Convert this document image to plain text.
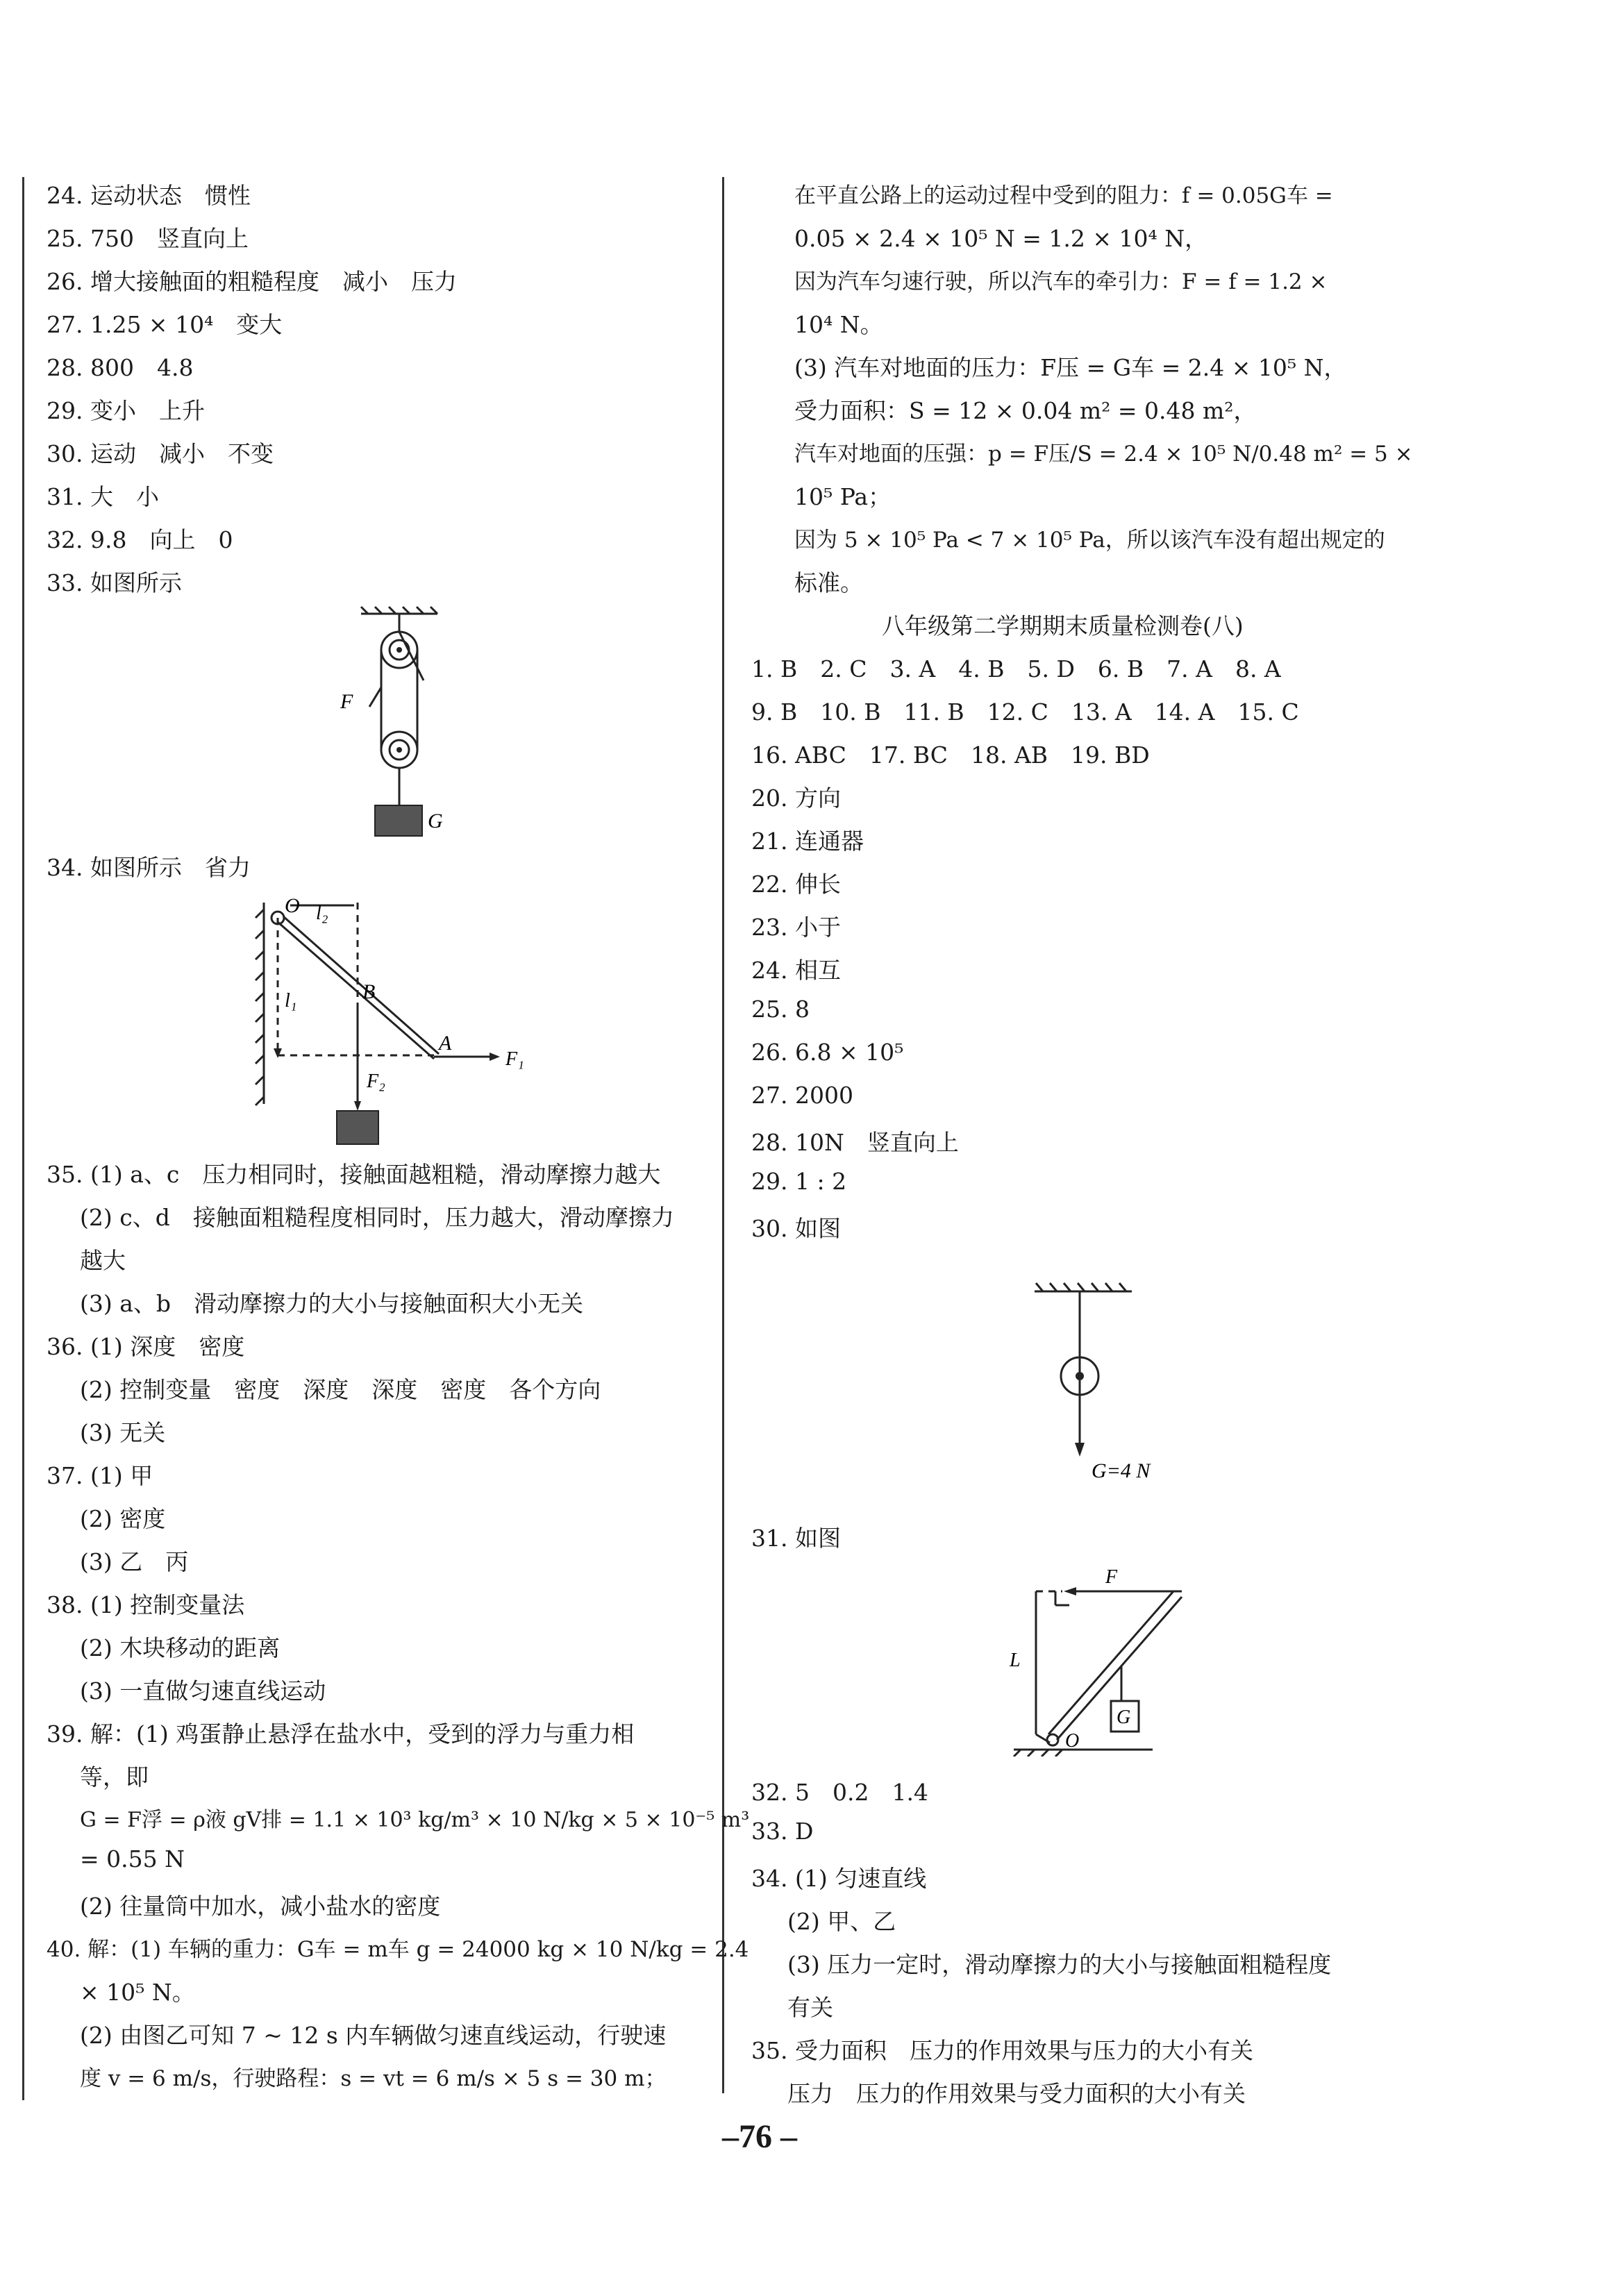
24. 运动状态　惯性
25. 750　竖直向上
26. 增大接触面的粗糙程度　减小　压力
27. 1.25 × 10⁴　变大
28. 800　4.8
29. 变小　上升
30. 运动　减小　不变
31. 大　小
32. 9.8　向上　0
33. 如图所示
34. 如图所示　省力
35. (1) a、c　压力相同时，接触面越粗糙，滑动摩擦力越大
(2) c、d　接触面粗糙程度相同时，压力越大，滑动摩擦力
越大
(3) a、b　滑动摩擦力的大小与接触面积大小无关
36. (1) 深度　密度
(2) 控制变量　密度　深度　深度　密度　各个方向
(3) 无关
37. (1) 甲
(2) 密度
(3) 乙　丙
38. (1) 控制变量法
(2) 木块移动的距离
(3) 一直做匀速直线运动
39. 解：(1) 鸡蛋静止悬浮在盐水中，受到的浮力与重力相
等，即
G = F浮 = ρ液 gV排 = 1.1 × 10³ kg/m³ × 10 N/kg × 5 × 10⁻⁵ m³
= 0.55 N
(2) 往量筒中加水，减小盐水的密度
40. 解：(1) 车辆的重力：G车 = m车 g = 24000 kg × 10 N/kg = 2.4
× 10⁵ N。
(2) 由图乙可知 7 ~ 12 s 内车辆做匀速直线运动，行驶速
度 v = 6 m/s，行驶路程：s = vt = 6 m/s × 5 s = 30 m；
F
G
O l₂
B
l₁
A
F₁
F₂
在平直公路上的运动过程中受到的阻力：f = 0.05G车 =
0.05 × 2.4 × 10⁵ N = 1.2 × 10⁴ N，
因为汽车匀速行驶，所以汽车的牵引力：F = f = 1.2 ×
10⁴ N。
(3) 汽车对地面的压力：F压 = G车 = 2.4 × 10⁵ N，
受力面积：S = 12 × 0.04 m² = 0.48 m²，
汽车对地面的压强：p = F压/S = 2.4 × 10⁵ N/0.48 m² = 5 ×
10⁵ Pa；
因为 5 × 10⁵ Pa < 7 × 10⁵ Pa，所以该汽车没有超出规定的
标准。
八年级第二学期期末质量检测卷(八)
1. B　2. C　3. A　4. B　5. D　6. B　7. A　8. A
9. B　10. B　11. B　12. C　13. A　14. A　15. C
16. ABC　17. BC　18. AB　19. BD
20. 方向
21. 连通器
22. 伸长
23. 小于
24. 相互
25. 8
26. 6.8 × 10⁵
27. 2000
28. 10N　竖直向上
29. 1 : 2
30. 如图
31. 如图
32. 5　0.2　1.4
33. D
34. (1) 匀速直线
(2) 甲、乙
(3) 压力一定时，滑动摩擦力的大小与接触面粗糙程度
有关
35. 受力面积　压力的作用效果与压力的大小有关
压力　压力的作用效果与受力面积的大小有关
G=4 N
F
L
O
G
–76 –
